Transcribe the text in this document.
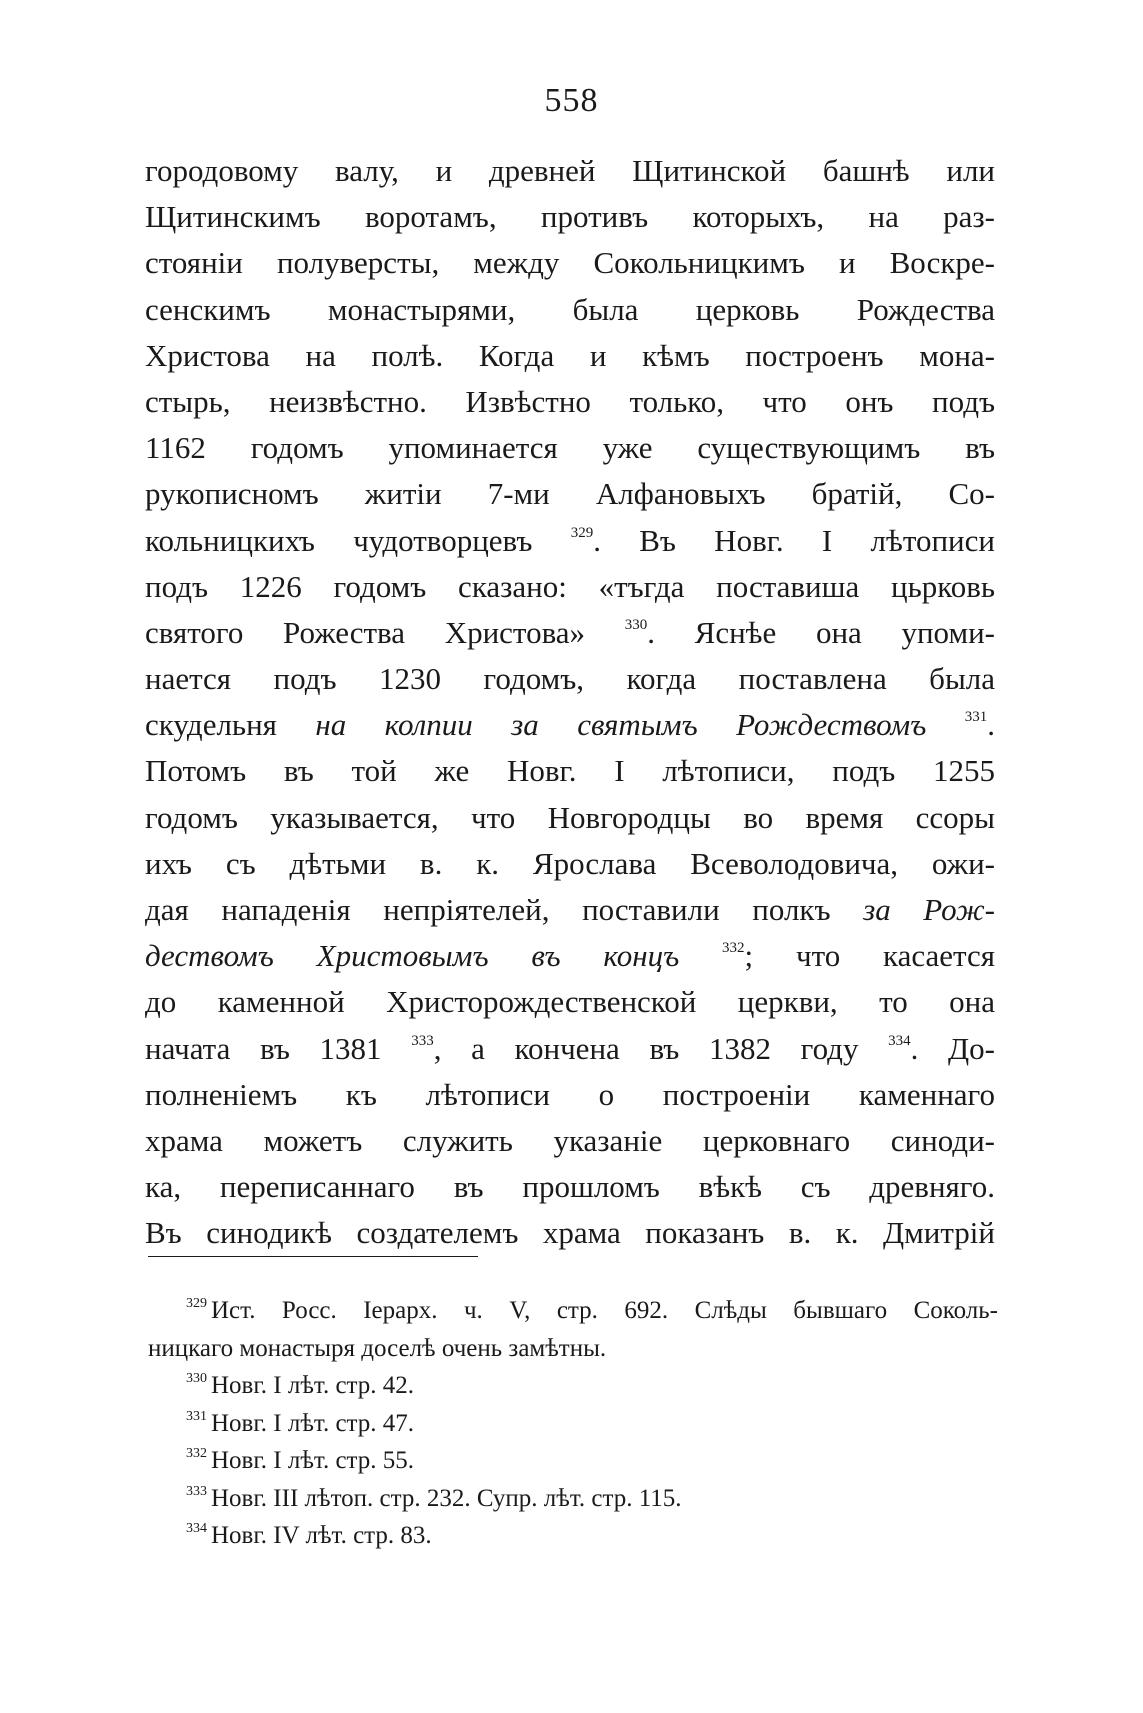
558
городовому валу, и древней Щитинской башнѣ или
Щитинскимъ воротамъ, противъ которыхъ, на раз-
стояніи полуверсты, между Сокольницкимъ и Воскре-
сенскимъ монастырями, была церковь Рождества
Христова на полѣ. Когда и кѣмъ построенъ мона-
стырь, неизвѣстно. Извѣстно только, что онъ подъ
1162 годомъ упоминается уже существующимъ въ
рукописномъ житіи 7-ми Алфановыхъ братій, Со-
кольницкихъ чудотворцевъ	$^{329}$. Въ Новг. I лѣтописи
подъ 1226 годомъ сказано: «тъгда поставиша цьрковь
святого Рожества Христова»	$^{330}$. Яснѣе она упоми-
нается подъ 1230 годомъ, когда поставлена была
скудельня на колпии за святымъ Рождествомъ	$^{331}$.
Потомъ въ той же Новг. I лѣтописи, подъ 1255
годомъ указывается, что Новгородцы во время ссоры
ихъ съ дѣтьми в. к. Ярослава Всеволодовича, ожи-
дая нападенія непріятелей, поставили полкъ за Рож-
дествомъ Христовымъ въ концъ	$^{332}$; что касается
до каменной Христорождественской церкви, то она
начата въ 1381 $^{333}$, а кончена въ 1382 году $^{334}$. До-
полненіемъ къ лѣтописи о построеніи каменнаго
храма можетъ служить указаніе церковнаго синоди-
ка, переписаннаго въ прошломъ вѣкѣ съ древняго.
Въ синодикѣ создателемъ храма показанъ в. к. Дмитрій
$^{329}$ Ист. Росс. Іерарх. ч. V, стр. 692. Слѣды бывшаго Соколь-
ницкаго монастыря доселѣ очень замѣтны.
$^{330}$ Новг. I лѣт. стр. 42.
$^{331}$ Новг. I лѣт. стр. 47.
$^{332}$ Новг. I лѣт. стр. 55.
$^{333}$ Новг. III лѣтоп. стр. 232. Супр. лѣт. стр. 115.
$^{334}$ Новг. IV лѣт. стр. 83.
